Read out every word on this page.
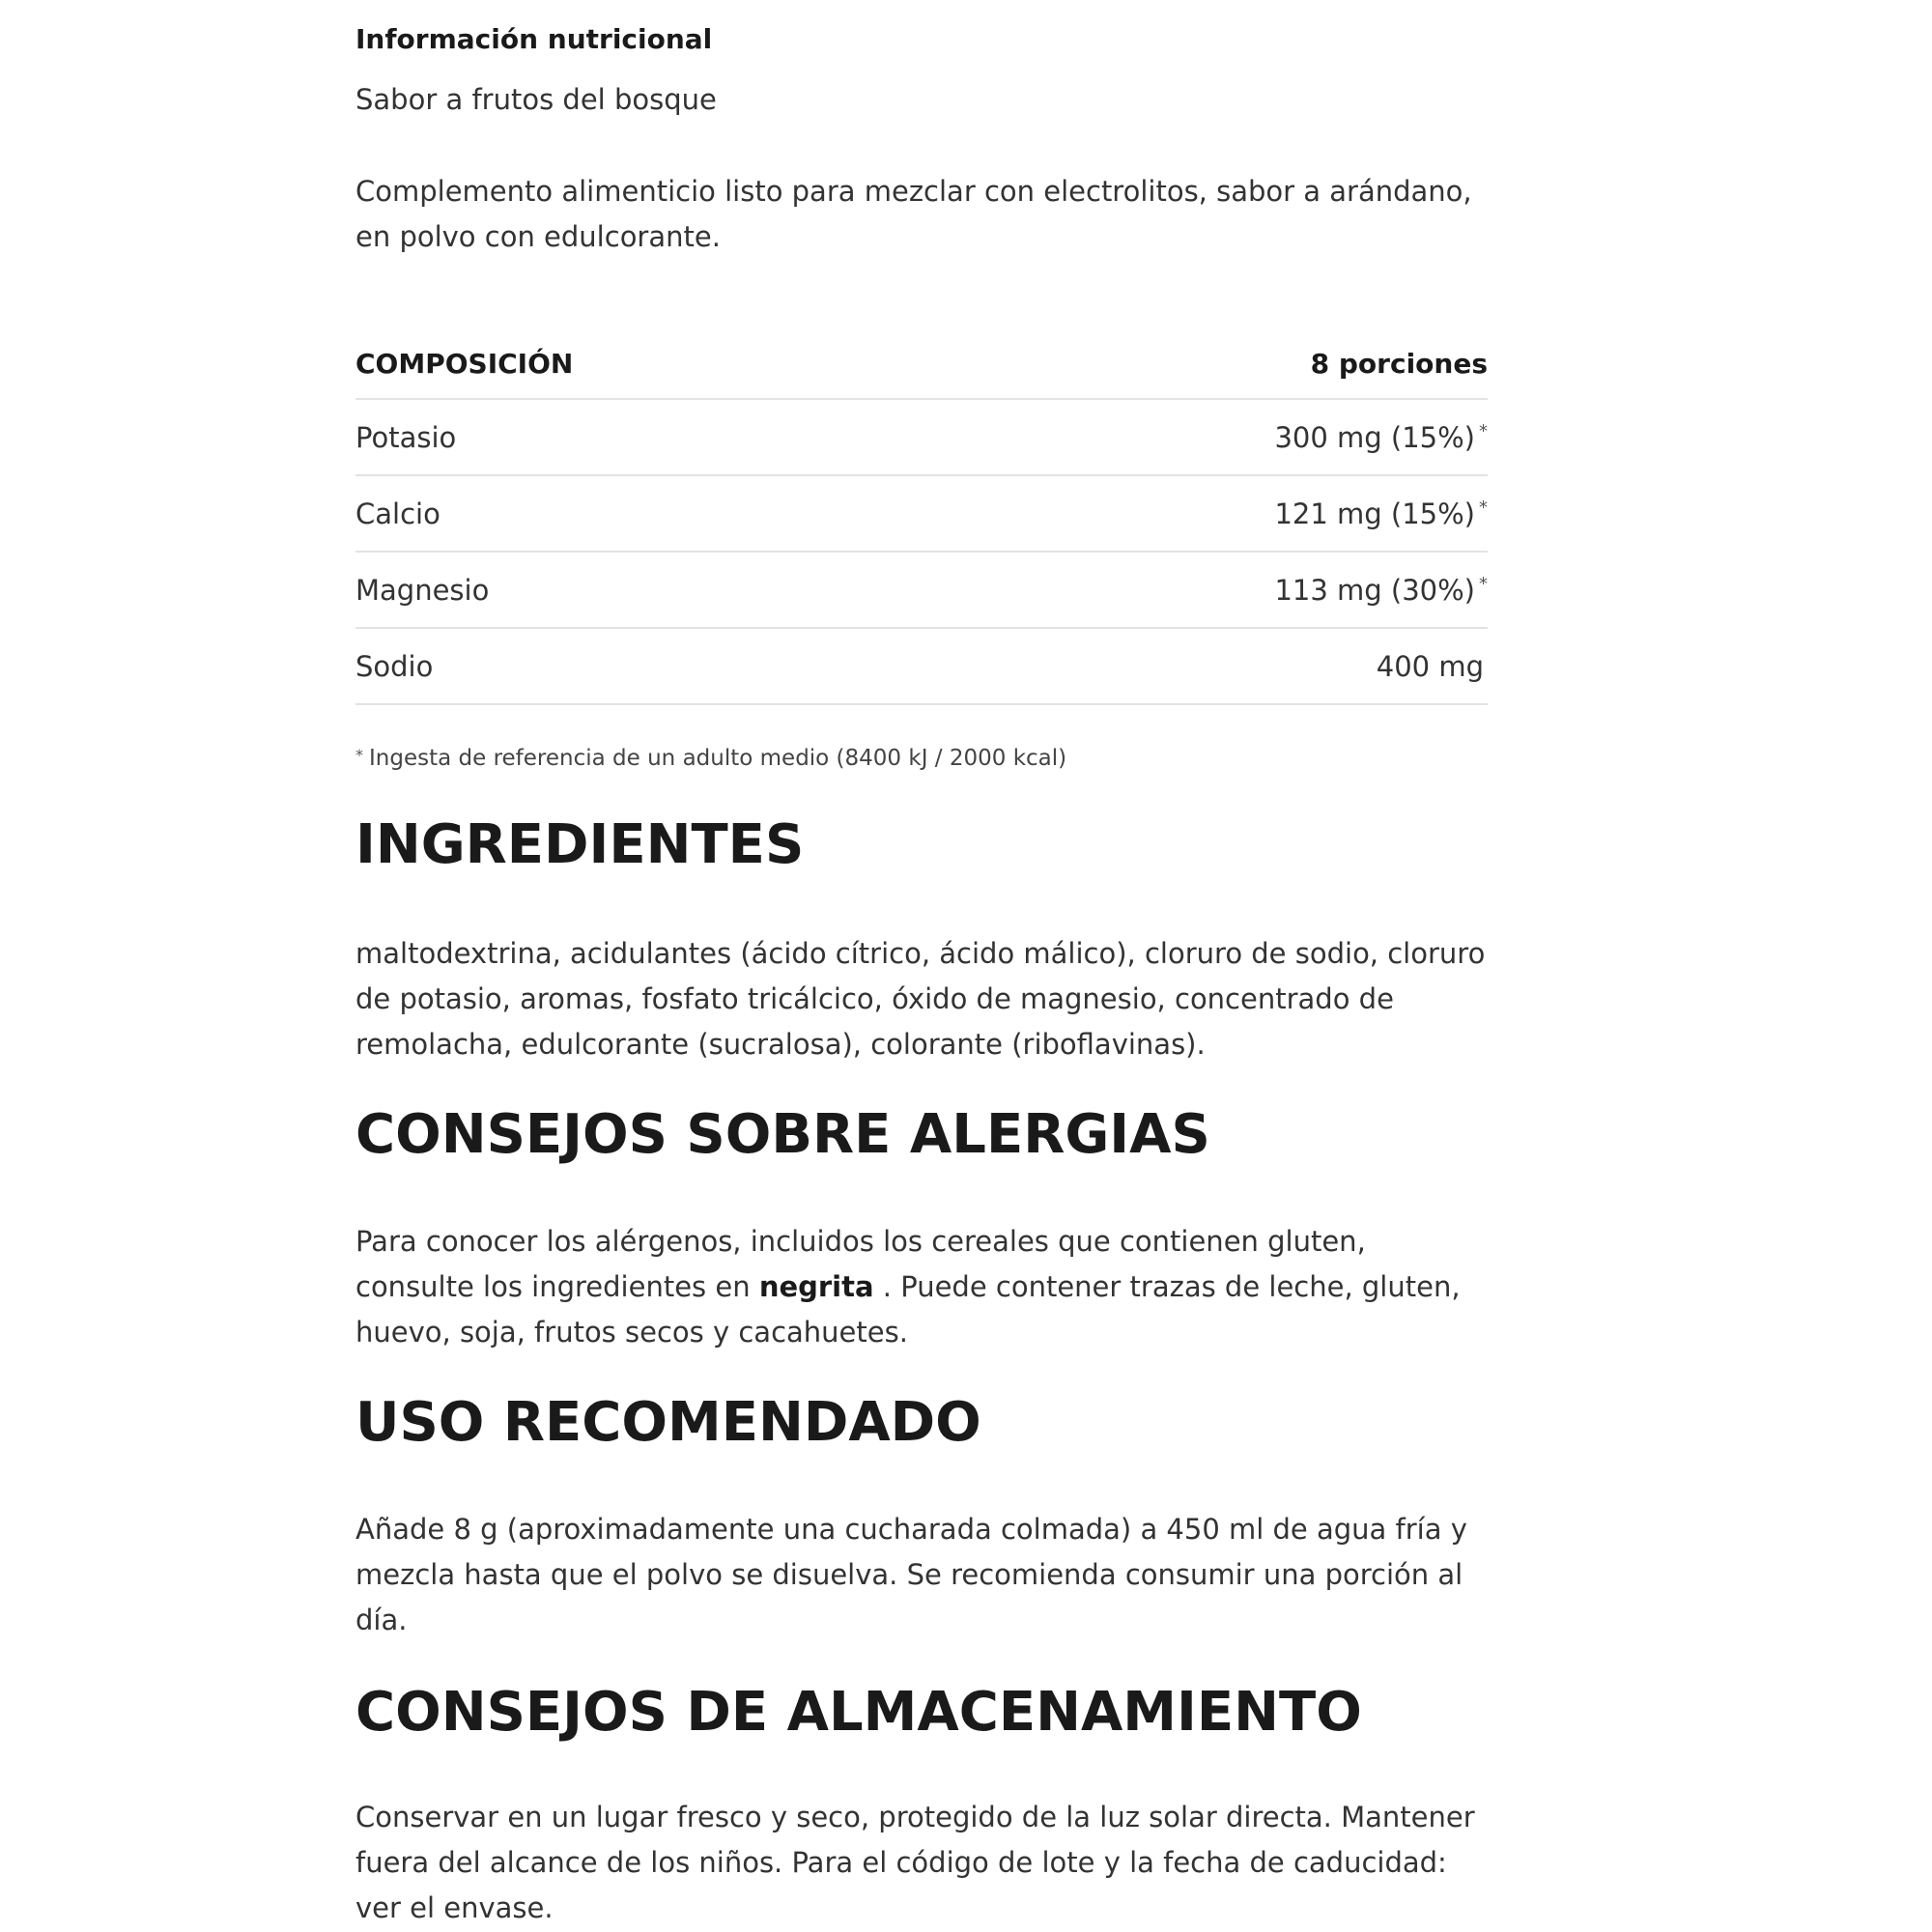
Información nutricional
Sabor a frutos del bosque

Complemento alimenticio listo para mezclar con electrolitos, sabor a arándano, en polvo con edulcorante.

COMPOSICIÓN	8 porciones
Potasio	300 mg (15%) *
Calcio	121 mg (15%) *
Magnesio	113 mg (30%) *
Sodio	400 mg
* Ingesta de referencia de un adulto medio (8400 kJ / 2000 kcal)
INGREDIENTES

maltodextrina, acidulantes (ácido cítrico, ácido málico), cloruro de sodio, cloruro de potasio, aromas, fosfato tricálcico, óxido de magnesio, concentrado de remolacha, edulcorante (sucralosa), colorante (riboflavinas).

CONSEJOS SOBRE ALERGIAS

Para conocer los alérgenos, incluidos los cereales que contienen gluten, consulte los ingredientes en negrita . Puede contener trazas de leche, gluten, huevo, soja, frutos secos y cacahuetes.

USO RECOMENDADO

Añade 8 g (aproximadamente una cucharada colmada) a 450 ml de agua fría y mezcla hasta que el polvo se disuelva. Se recomienda consumir una porción al día.

CONSEJOS DE ALMACENAMIENTO

Conservar en un lugar fresco y seco, protegido de la luz solar directa. Mantener fuera del alcance de los niños. Para el código de lote y la fecha de caducidad: ver el envase.
